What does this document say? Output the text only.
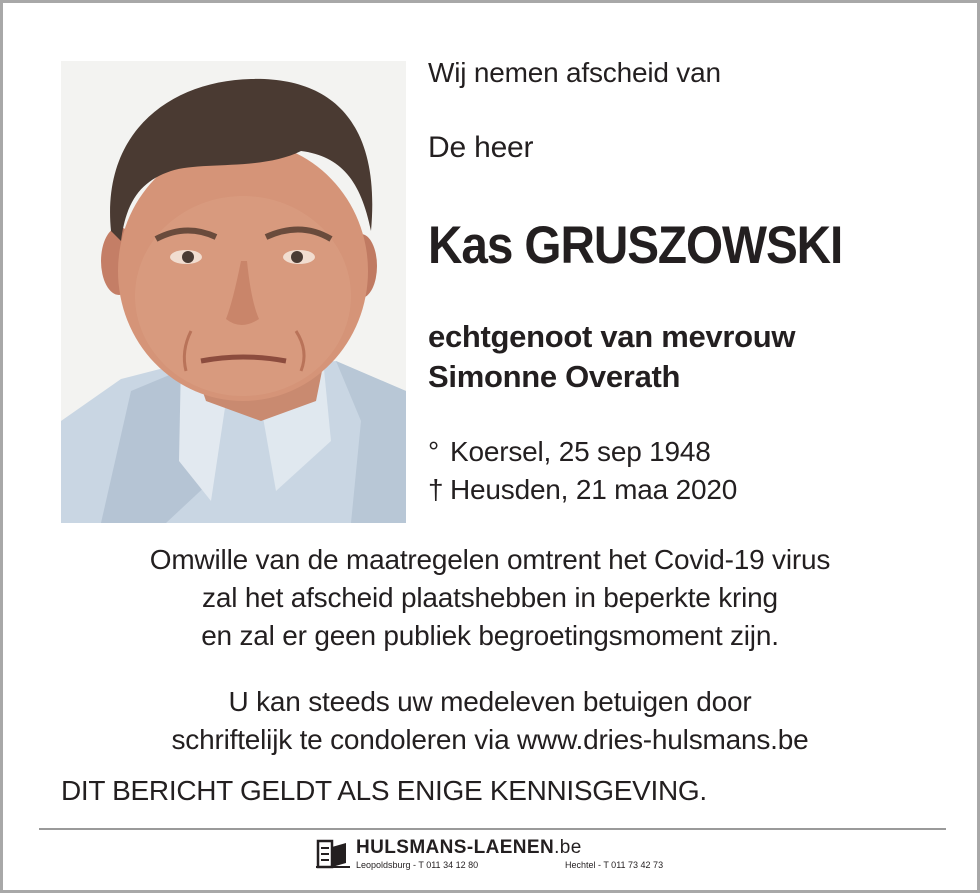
Wij nemen afscheid van
De heer
Kas GRUSZOWSKI
echtgenoot van mevrouw
Simonne Overath
° Koersel, 25 sep 1948
† Heusden, 21 maa 2020
Omwille van de maatregelen omtrent het Covid-19 virus
zal het afscheid plaatshebben in beperkte kring
en zal er geen publiek begroetingsmoment zijn.
U kan steeds uw medeleven betuigen door
schriftelijk te condoleren via www.dries-hulsmans.be
DIT BERICHT GELDT ALS ENIGE KENNISGEVING.
HULSMANS-LAENEN.be
Leopoldsburg - T 011 34 12 80	Hechtel - T 011 73 42 73
